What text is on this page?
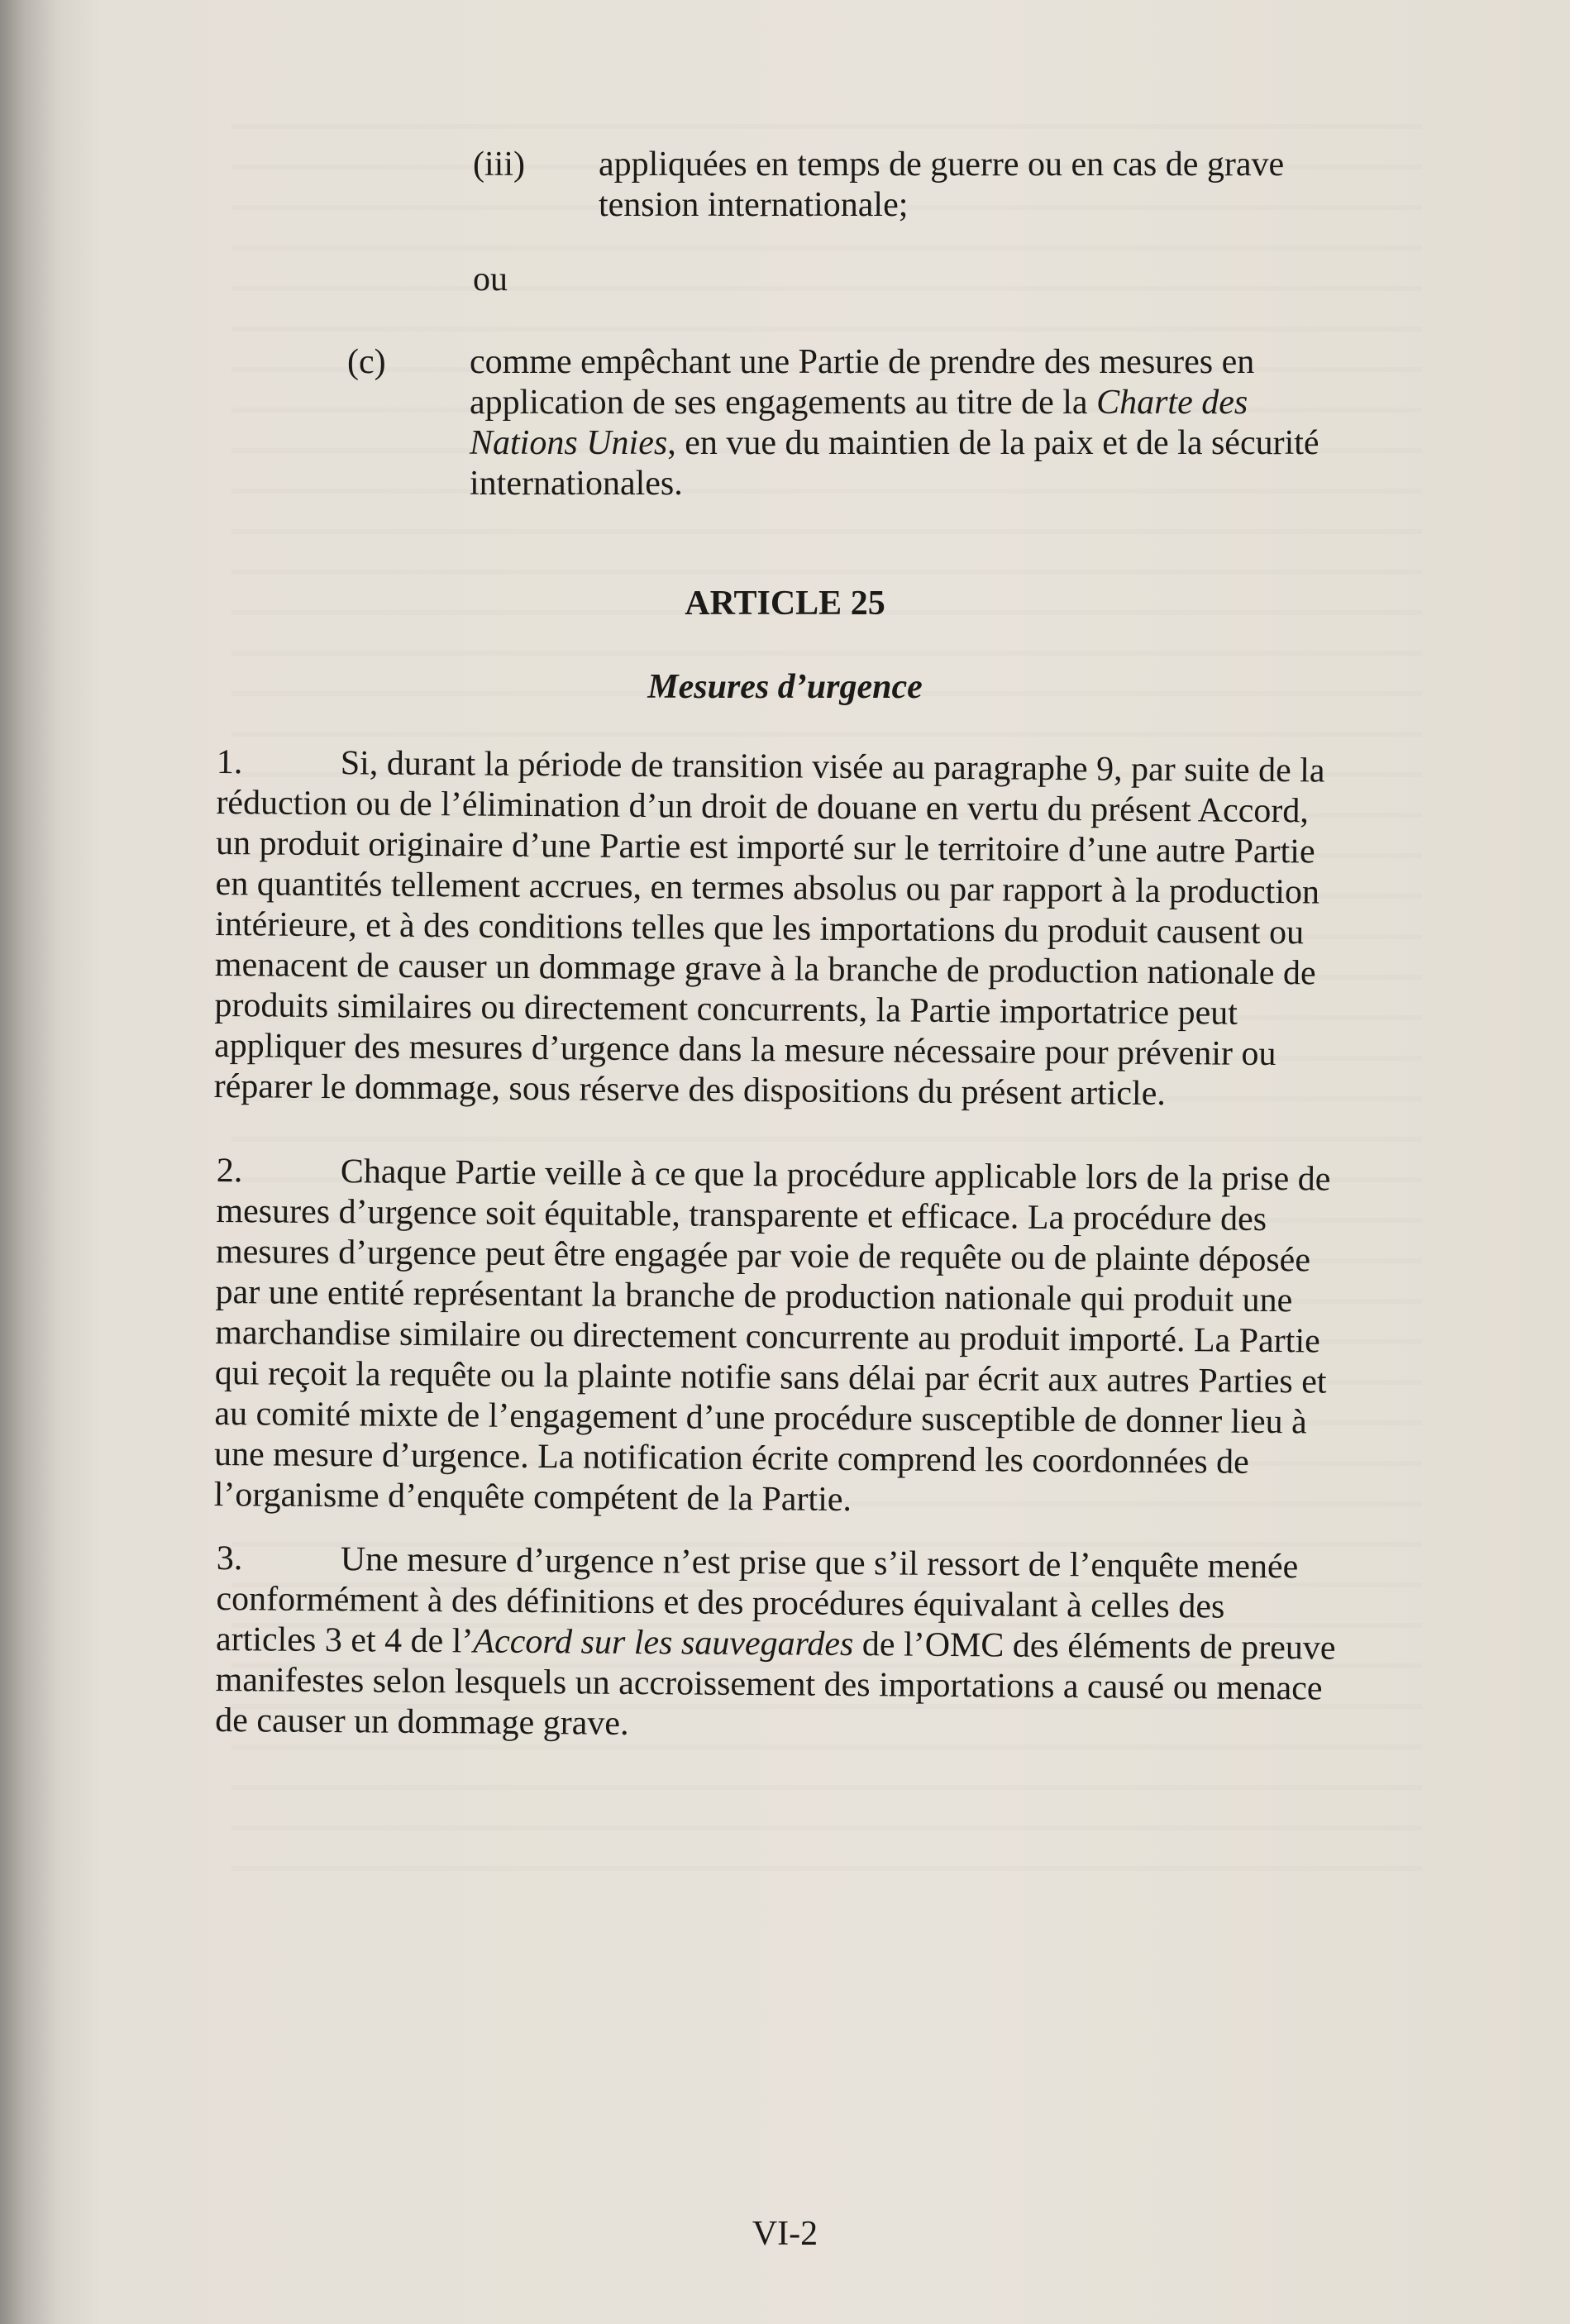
(iii) appliquées en temps de guerre ou en cas de grave
tension internationale;
ou
(c) comme empêchant une Partie de prendre des mesures en
application de ses engagements au titre de la Charte des
Nations Unies, en vue du maintien de la paix et de la sécurité
internationales.
ARTICLE 25
Mesures d’urgence
1.	Si, durant la période de transition visée au paragraphe 9, par suite de la
réduction ou de l’élimination d’un droit de douane en vertu du présent Accord,
un produit originaire d’une Partie est importé sur le territoire d’une autre Partie
en quantités tellement accrues, en termes absolus ou par rapport à la production
intérieure, et à des conditions telles que les importations du produit causent ou
menacent de causer un dommage grave à la branche de production nationale de
produits similaires ou directement concurrents, la Partie importatrice peut
appliquer des mesures d’urgence dans la mesure nécessaire pour prévenir ou
réparer le dommage, sous réserve des dispositions du présent article.
2.	Chaque Partie veille à ce que la procédure applicable lors de la prise de
mesures d’urgence soit équitable, transparente et efficace. La procédure des
mesures d’urgence peut être engagée par voie de requête ou de plainte déposée
par une entité représentant la branche de production nationale qui produit une
marchandise similaire ou directement concurrente au produit importé. La Partie
qui reçoit la requête ou la plainte notifie sans délai par écrit aux autres Parties et
au comité mixte de l’engagement d’une procédure susceptible de donner lieu à
une mesure d’urgence. La notification écrite comprend les coordonnées de
l’organisme d’enquête compétent de la Partie.
3.	Une mesure d’urgence n’est prise que s’il ressort de l’enquête menée
conformément à des définitions et des procédures équivalant à celles des
articles 3 et 4 de l’Accord sur les sauvegardes de l’OMC des éléments de preuve
manifestes selon lesquels un accroissement des importations a causé ou menace
de causer un dommage grave.
VI-2
